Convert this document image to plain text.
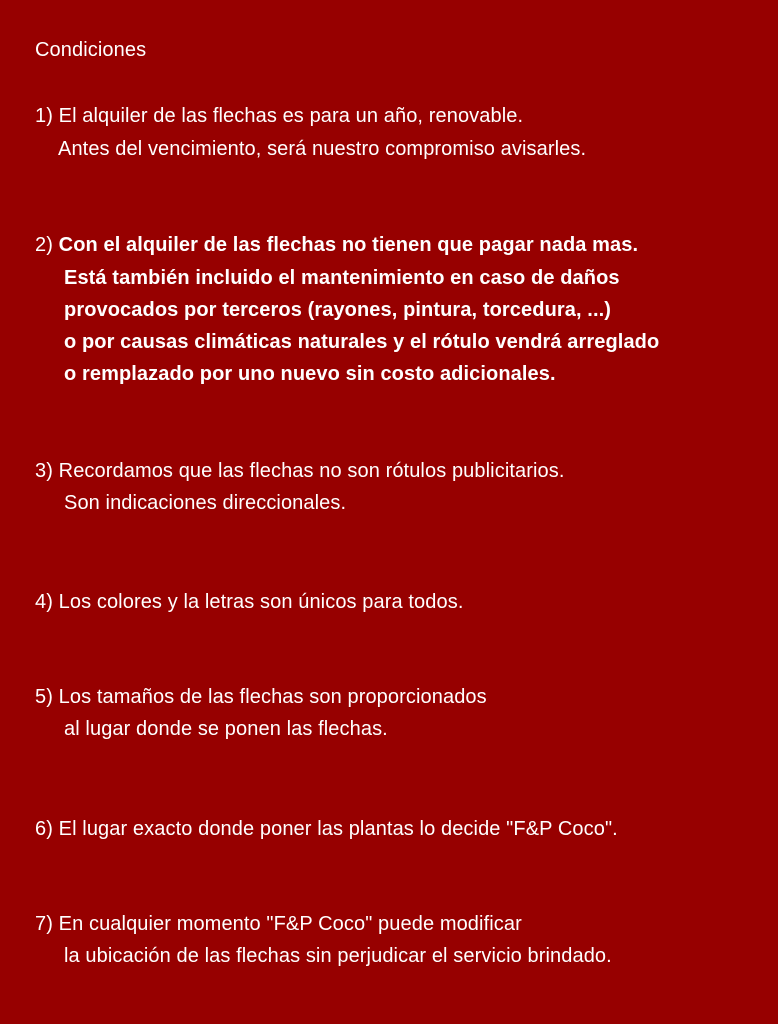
Condiciones
1) El alquiler de las flechas es para un año, renovable.
Antes del vencimiento, será nuestro compromiso avisarles.
2) Con el alquiler de las flechas no tienen que pagar nada mas.
Está también incluido el mantenimiento en caso de daños
provocados por terceros (rayones, pintura, torcedura, ...)
o por causas climáticas naturales y el rótulo vendrá arreglado
o remplazado por uno nuevo sin costo adicionales.
3) Recordamos que las flechas no son rótulos publicitarios.
Son indicaciones direccionales.
4) Los colores y la letras son únicos para todos.
5) Los tamaños de las flechas son proporcionados
al lugar donde se ponen las flechas.
6) El lugar exacto donde poner las plantas lo decide "F&P Coco".
7) En cualquier momento "F&P Coco" puede modificar
la ubicación de las flechas sin perjudicar el servicio brindado.
